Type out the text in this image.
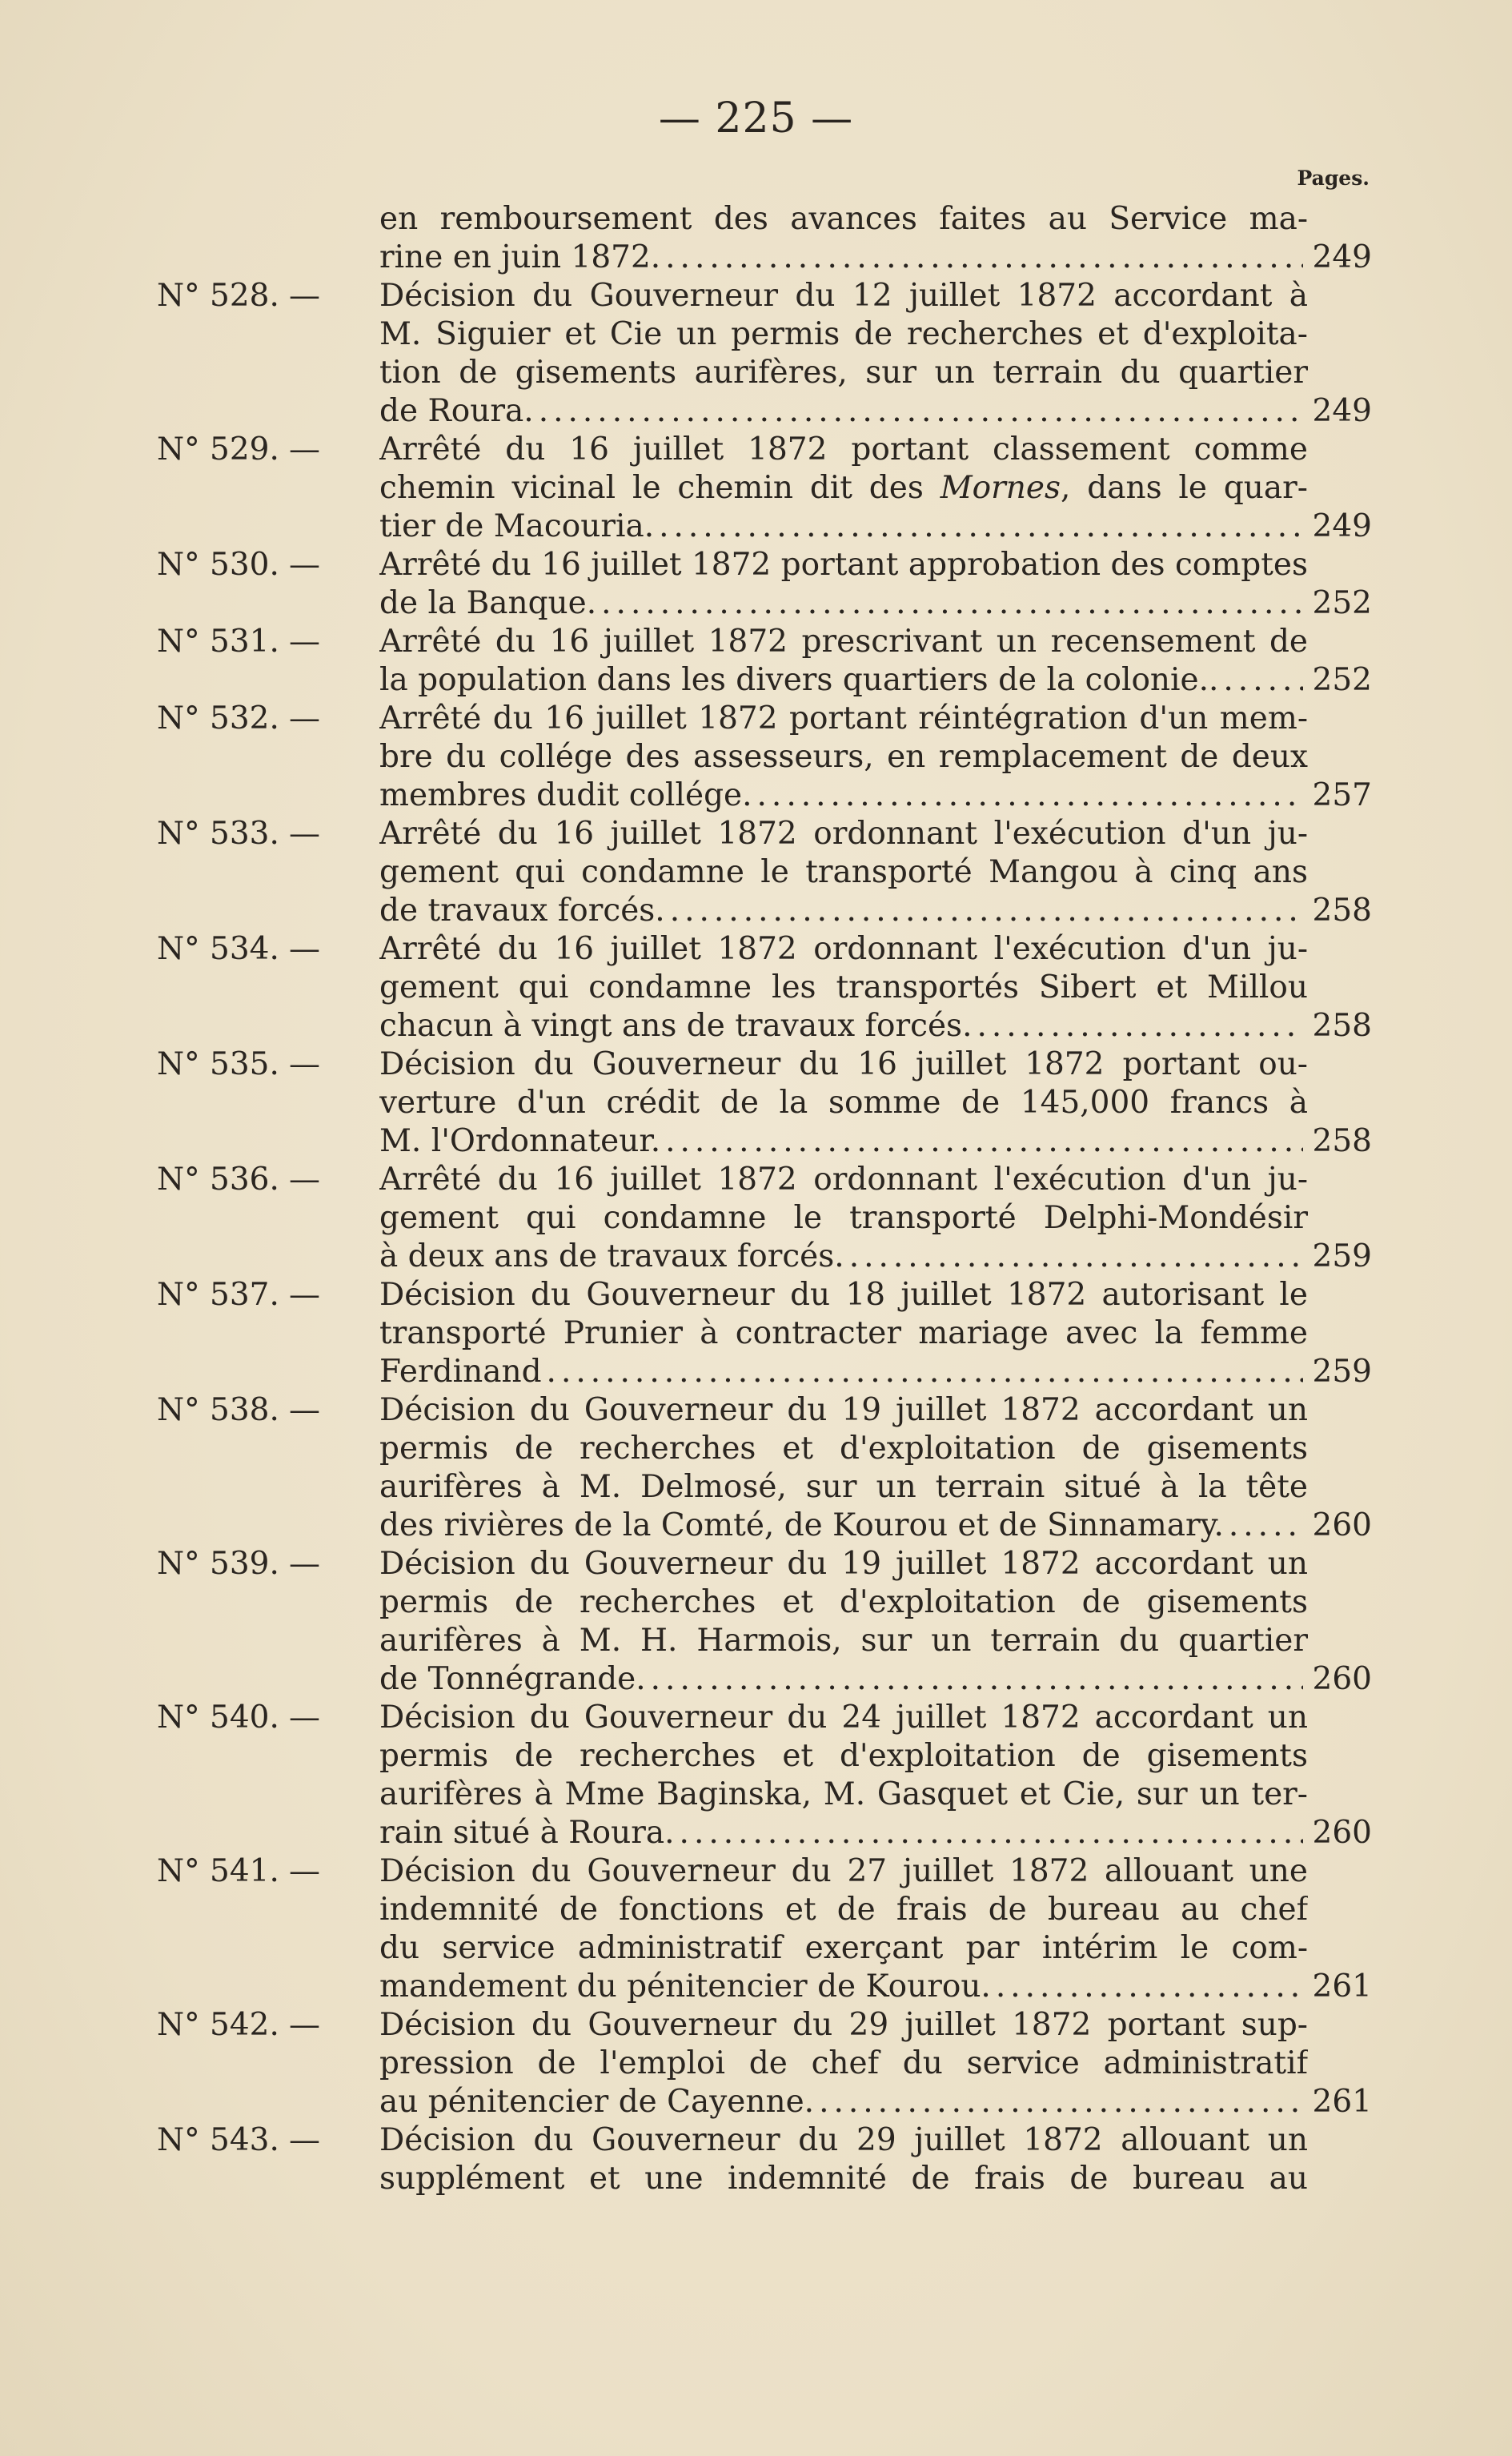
— 225 —
Pages.
en remboursement des avances faites au Service ma-
rine en juin 1872. .....	249
N° 528. — Décision du Gouverneur du 12 juillet 1872 accordant à
M. Siguier et Cie un permis de recherches et d'exploita-
tion de gisements aurifères, sur un terrain du quartier
de Roura. .....	249
N° 529. — Arrêté du 16 juillet 1872 portant classement comme
chemin vicinal le chemin dit des Mornes, dans le quar-
tier de Macouria. .....	249
N° 530. — Arrêté du 16 juillet 1872 portant approbation des comptes
de la Banque. .....	252
N° 531. — Arrêté du 16 juillet 1872 prescrivant un recensement de
la population dans les divers quartiers de la colonie.. .....	252
N° 532. — Arrêté du 16 juillet 1872 portant réintégration d'un mem-
bre du collége des assesseurs, en remplacement de deux
membres dudit collége. .....	257
N° 533. — Arrêté du 16 juillet 1872 ordonnant l'exécution d'un ju-
gement qui condamne le transporté Mangou à cinq ans
de travaux forcés. .....	258
N° 534. — Arrêté du 16 juillet 1872 ordonnant l'exécution d'un ju-
gement qui condamne les transportés Sibert et Millou
chacun à vingt ans de travaux forcés. .....	258
N° 535. — Décision du Gouverneur du 16 juillet 1872 portant ou-
verture d'un crédit de la somme de 145,000 francs à
M. l'Ordonnateur. .....	258
N° 536. — Arrêté du 16 juillet 1872 ordonnant l'exécution d'un ju-
gement qui condamne le transporté Delphi-Mondésir
à deux ans de travaux forcés. .....	259
N° 537. — Décision du Gouverneur du 18 juillet 1872 autorisant le
transporté Prunier à contracter mariage avec la femme
Ferdinand .....	259
N° 538. — Décision du Gouverneur du 19 juillet 1872 accordant un
permis de recherches et d'exploitation de gisements
aurifères à M. Delmosé, sur un terrain situé à la tête
des rivières de la Comté, de Kourou et de Sinnamary. .....	260
N° 539. — Décision du Gouverneur du 19 juillet 1872 accordant un
permis de recherches et d'exploitation de gisements
aurifères à M. H. Harmois, sur un terrain du quartier
de Tonnégrande. .....	260
N° 540. — Décision du Gouverneur du 24 juillet 1872 accordant un
permis de recherches et d'exploitation de gisements
aurifères à Mme Baginska, M. Gasquet et Cie, sur un ter-
rain situé à Roura. .....	260
N° 541. — Décision du Gouverneur du 27 juillet 1872 allouant une
indemnité de fonctions et de frais de bureau au chef
du service administratif exerçant par intérim le com-
mandement du pénitencier de Kourou. .....	261
N° 542. — Décision du Gouverneur du 29 juillet 1872 portant sup-
pression de l'emploi de chef du service administratif
au pénitencier de Cayenne. .....	261
N° 543. — Décision du Gouverneur du 29 juillet 1872 allouant un
supplément et une indemnité de frais de bureau au
